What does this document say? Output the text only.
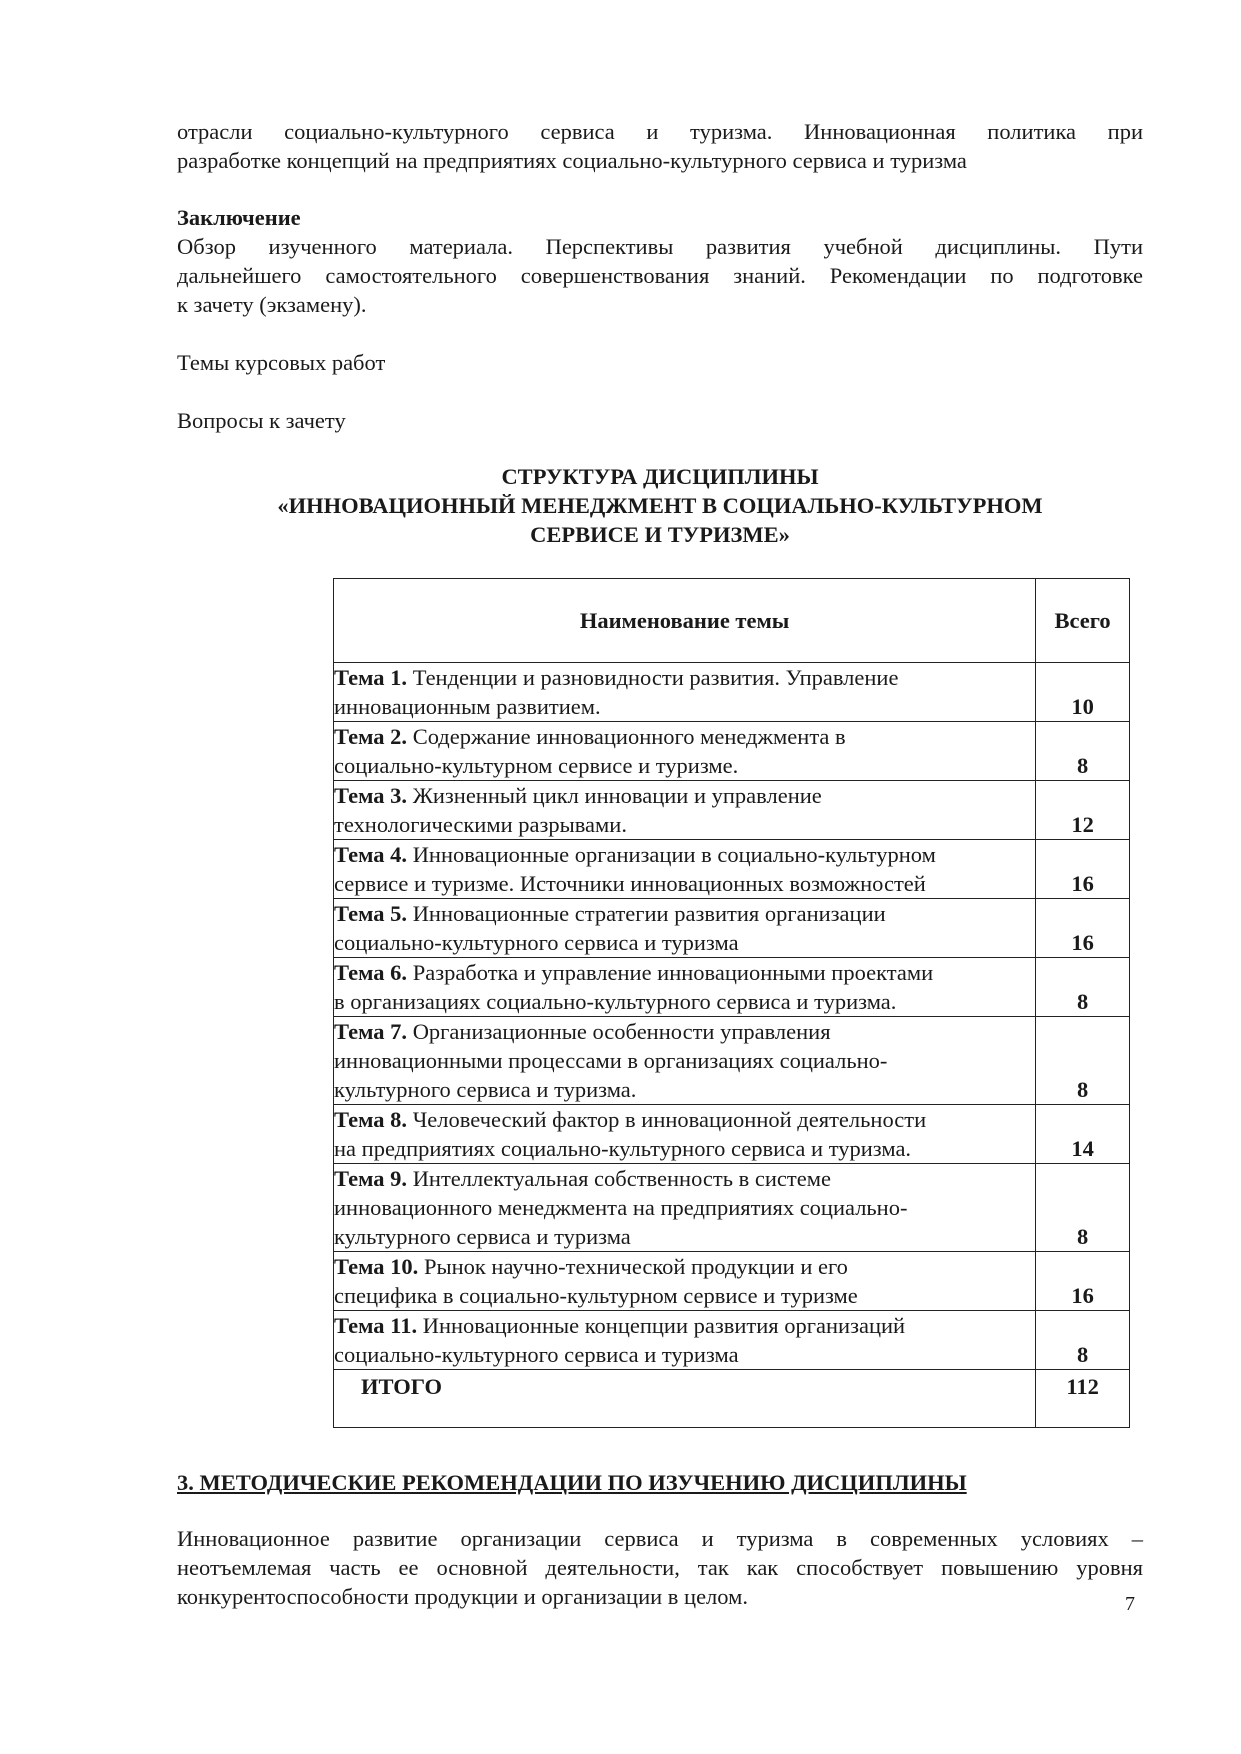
отрасли социально-культурного сервиса и туризма. Инновационная политика при
разработке концепций на предприятиях социально-культурного сервиса и туризма
Заключение
Обзор изученного материала. Перспективы развития учебной дисциплины. Пути
дальнейшего самостоятельного совершенствования знаний. Рекомендации по подготовке
к зачету (экзамену).
Темы курсовых работ
Вопросы к зачету
СТРУКТУРА ДИСЦИПЛИНЫ
«ИННОВАЦИОННЫЙ МЕНЕДЖМЕНТ В СОЦИАЛЬНО-КУЛЬТУРНОМ
СЕРВИСЕ И ТУРИЗМЕ»
Наименование темы	Всего

Тема 1. Тенденции и разновидности развития. Управление
инновационным развитием.	10

Тема 2. Содержание инновационного менеджмента в
социально-культурном сервисе и туризме.	8

Тема 3. Жизненный цикл инновации и управление
технологическими разрывами.	12

Тема 4. Инновационные организации в социально-культурном
сервисе и туризме. Источники инновационных возможностей	16

Тема 5. Инновационные стратегии развития организации
социально-культурного сервиса и туризма	16

Тема 6. Разработка и управление инновационными проектами
в организациях социально-культурного сервиса и туризма.	8

Тема 7. Организационные особенности управления
инновационными процессами в организациях социально-
культурного сервиса и туризма.	8

Тема 8. Человеческий фактор в инновационной деятельности
на предприятиях социально-культурного сервиса и туризма.	14

Тема 9. Интеллектуальная собственность в системе
инновационного менеджмента на предприятиях социально-
культурного сервиса и туризма	8

Тема 10. Рынок научно-технической продукции и его
специфика в социально-культурном сервисе и туризме	16

Тема 11. Инновационные концепции развития организаций
социально-культурного сервиса и туризма	8
ИТОГО	112
3. МЕТОДИЧЕСКИЕ РЕКОМЕНДАЦИИ ПО ИЗУЧЕНИЮ ДИСЦИПЛИНЫ
Инновационное развитие организации сервиса и туризма в современных условиях –
неотъемлемая часть ее основной деятельности, так как способствует повышению уровня
конкурентоспособности продукции и организации в целом.	7
